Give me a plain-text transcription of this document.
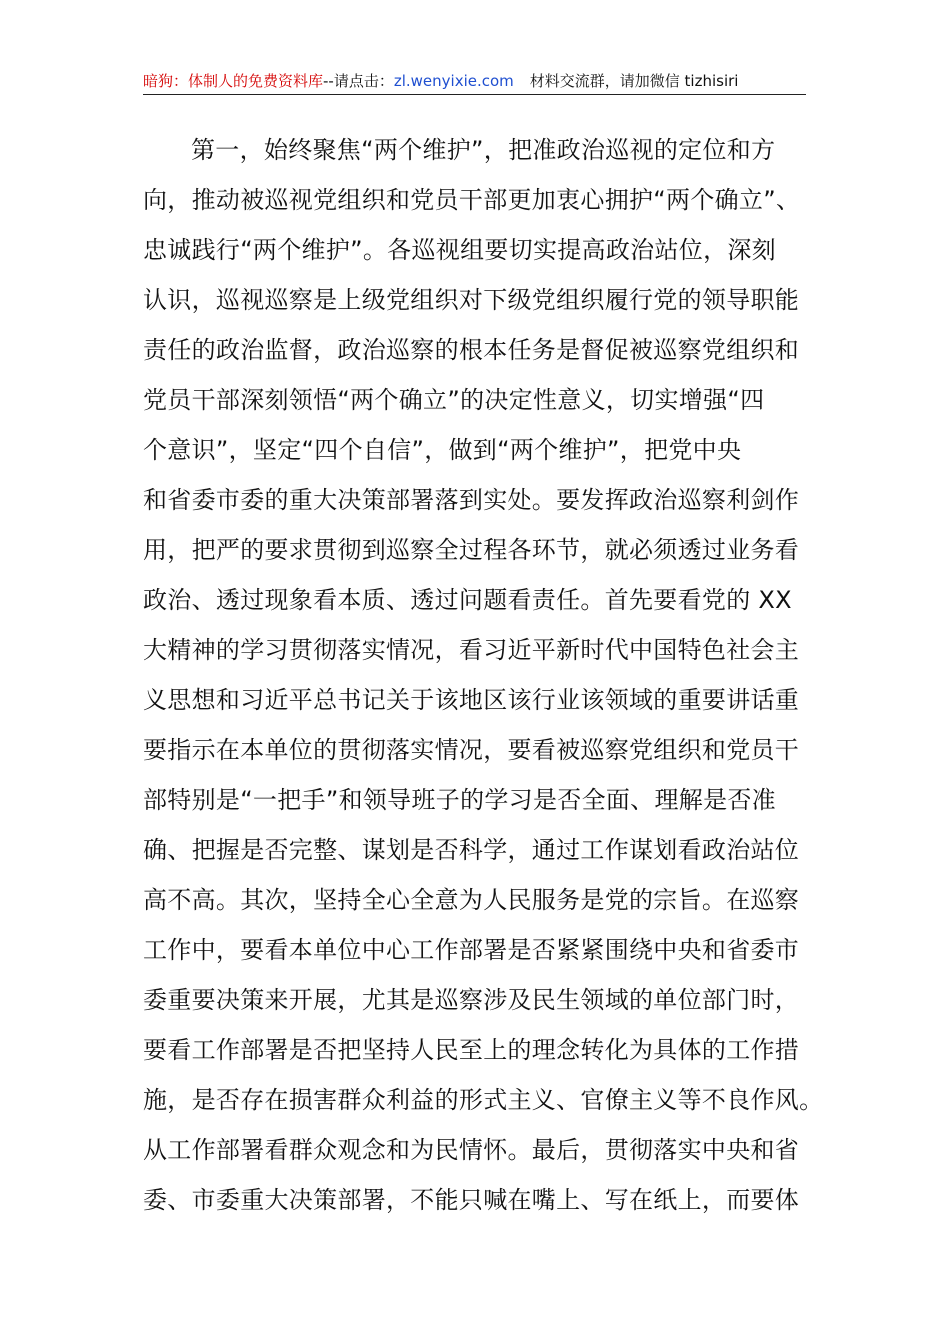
暗狗：体制人的免费资料库--请点击：zl.wenyixie.com 材料交流群，请加微信 tizhisiri
第一，始终聚焦“两个维护”，把准政治巡视的定位和方
向，推动被巡视党组织和党员干部更加衷心拥护“两个确立”、
忠诚践行“两个维护”。各巡视组要切实提高政治站位，深刻
认识，巡视巡察是上级党组织对下级党组织履行党的领导职能
责任的政治监督，政治巡察的根本任务是督促被巡察党组织和
党员干部深刻领悟“两个确立”的决定性意义，切实增强“四
个意识”，坚定“四个自信”，做到“两个维护”，把党中央
和省委市委的重大决策部署落到实处。要发挥政治巡察利剑作
用，把严的要求贯彻到巡察全过程各环节，就必须透过业务看
政治、透过现象看本质、透过问题看责任。首先要看党的 XX
大精神的学习贯彻落实情况，看习近平新时代中国特色社会主
义思想和习近平总书记关于该地区该行业该领域的重要讲话重
要指示在本单位的贯彻落实情况，要看被巡察党组织和党员干
部特别是“一把手”和领导班子的学习是否全面、理解是否准
确、把握是否完整、谋划是否科学，通过工作谋划看政治站位
高不高。其次，坚持全心全意为人民服务是党的宗旨。在巡察
工作中，要看本单位中心工作部署是否紧紧围绕中央和省委市
委重要决策来开展，尤其是巡察涉及民生领域的单位部门时，
要看工作部署是否把坚持人民至上的理念转化为具体的工作措
施，是否存在损害群众利益的形式主义、官僚主义等不良作风。
从工作部署看群众观念和为民情怀。最后，贯彻落实中央和省
委、市委重大决策部署，不能只喊在嘴上、写在纸上，而要体
